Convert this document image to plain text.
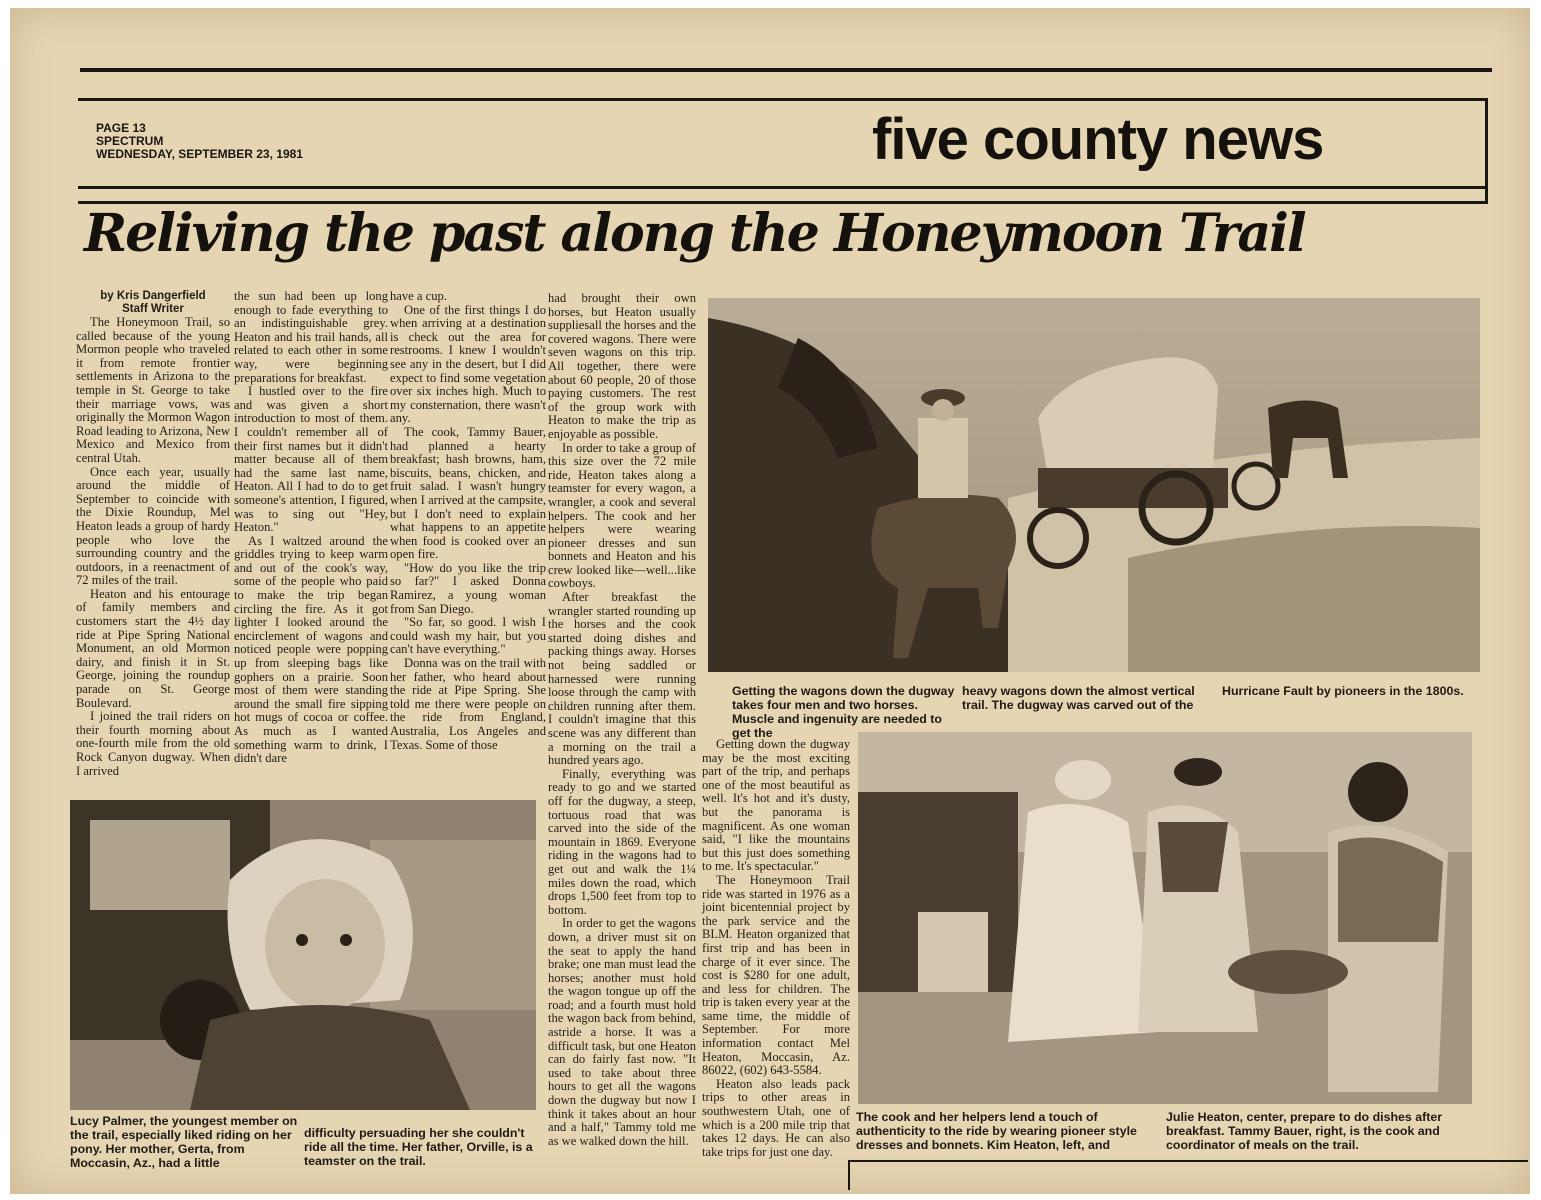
PAGE 13
SPECTRUM
WEDNESDAY, SEPTEMBER 23, 1981	five county news
Reliving the past along the Honeymoon Trail
by Kris Dangerfield
Staff Writer

The Honeymoon Trail, so called because of the young Mormon people who traveled it from remote frontier settlements in Arizona to the temple in St. George to take their marriage vows, was originally the Mormon Wagon Road leading to Arizona, New Mexico and Mexico from central Utah.

Once each year, usually around the middle of September to coincide with the Dixie Roundup, Mel Heaton leads a group of hardy people who love the surrounding country and the outdoors, in a reenactment of 72 miles of the trail.

Heaton and his entourage of family members and customers start the 4½ day ride at Pipe Spring National Monument, an old Mormon dairy, and finish it in St. George, joining the roundup parade on St. George Boulevard.

I joined the trail riders on their fourth morning about one-fourth mile from the old Rock Canyon dugway. When I arrived

the sun had been up long enough to fade everything to an indistinguishable grey. Heaton and his trail hands, all related to each other in some way, were beginning preparations for breakfast.

I hustled over to the fire and was given a short introduction to most of them. I couldn't remember all of their first names but it didn't matter because all of them had the same last name, Heaton. All I had to do to get someone's attention, I figured, was to sing out "Hey, Heaton."

As I waltzed around the griddles trying to keep warm and out of the cook's way, some of the people who paid to make the trip began circling the fire. As it got lighter I looked around the encirclement of wagons and noticed people were popping up from sleeping bags like gophers on a prairie. Soon most of them were standing around the small fire sipping hot mugs of cocoa or coffee. As much as I wanted something warm to drink, I didn't dare

have a cup.

One of the first things I do when arriving at a destination is check out the area for restrooms. I knew I wouldn't see any in the desert, but I did expect to find some vegetation over six inches high. Much to my consternation, there wasn't any.

The cook, Tammy Bauer, had planned a hearty breakfast; hash browns, ham, biscuits, beans, chicken, and fruit salad. I wasn't hungry when I arrived at the campsite, but I don't need to explain what happens to an appetite when food is cooked over an open fire.

"How do you like the trip so far?" I asked Donna Ramirez, a young woman from San Diego.

"So far, so good. I wish I could wash my hair, but you can't have everything."

Donna was on the trail with her father, who heard about the ride at Pipe Spring. She told me there were people on the ride from England, Australia, Los Angeles and Texas. Some of those

had brought their own horses, but Heaton usually suppliesall the horses and the covered wagons. There were seven wagons on this trip. All together, there were about 60 people, 20 of those paying customers. The rest of the group work with Heaton to make the trip as enjoyable as possible.

In order to take a group of this size over the 72 mile ride, Heaton takes along a teamster for every wagon, a wrangler, a cook and several helpers. The cook and her helpers were wearing pioneer dresses and sun bonnets and Heaton and his crew looked like—well...like cowboys.

After breakfast the wrangler started rounding up the horses and the cook started doing dishes and packing things away. Horses not being saddled or harnessed were running loose through the camp with children running after them. I couldn't imagine that this scene was any different than a morning on the trail a hundred years ago.

Finally, everything was ready to go and we started off for the dugway, a steep, tortuous road that was carved into the side of the mountain in 1869. Everyone riding in the wagons had to get out and walk the 1¼ miles down the road, which drops 1,500 feet from top to bottom.

In order to get the wagons down, a driver must sit on the seat to apply the hand brake; one man must lead the horses; another must hold the wagon tongue up off the road; and a fourth must hold the wagon back from behind, astride a horse. It was a difficult task, but one Heaton can do fairly fast now. "It used to take about three hours to get all the wagons down the dugway but now I think it takes about an hour and a half," Tammy told me as we walked down the hill.

Getting down the dugway may be the most exciting part of the trip, and perhaps one of the most beautiful as well. It's hot and it's dusty, but the panorama is magnificent. As one woman said, "I like the mountains but this just does something to me. It's spectacular."

The Honeymoon Trail ride was started in 1976 as a joint bicentennial project by the park service and the BLM. Heaton organized that first trip and has been in charge of it ever since. The cost is $280 for one adult, and less for children. The trip is taken every year at the same time, the middle of September. For more information contact Mel Heaton, Moccasin, Az. 86022, (602) 643-5584.

Heaton also leads pack trips to other areas in southwestern Utah, one of which is a 200 mile trip that takes 12 days. He can also take trips for just one day.

Getting the wagons down the dugway takes four men and two horses. Muscle and ingenuity are needed to get the
heavy wagons down the almost vertical trail. The dugway was carved out of the
Hurricane Fault by pioneers in the 1800s.
Lucy Palmer, the youngest member on the trail, especially liked riding on her pony. Her mother, Gerta, from Moccasin, Az., had a little
difficulty persuading her she couldn't ride all the time. Her father, Orville, is a teamster on the trail.
The cook and her helpers lend a touch of authenticity to the ride by wearing pioneer style dresses and bonnets. Kim Heaton, left, and
Julie Heaton, center, prepare to do dishes after breakfast. Tammy Bauer, right, is the cook and coordinator of meals on the trail.
